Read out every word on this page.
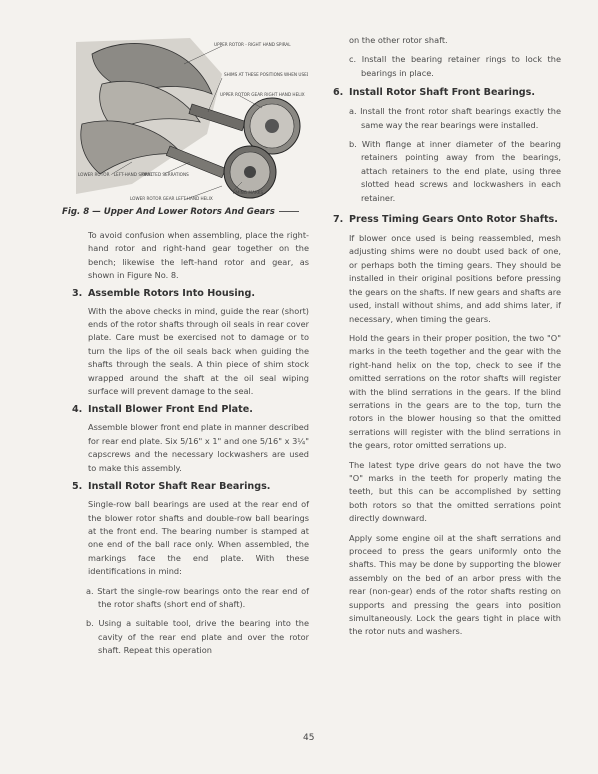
UPPER ROTOR - RIGHT HAND SPIRAL
SHIMS AT THESE POSITIONS WHEN USED
UPPER ROTOR GEAR RIGHT HAND HELIX
LOWER ROTOR - LEFT-HAND SPIRAL
OMITTED SERRATIONS
TIMING MARKS
LOWER ROTOR GEAR LEFT-HAND HELIX
Fig. 8 — Upper And Lower Rotors And Gears

To avoid confusion when assembling, place the right-hand rotor and right-hand gear together on the bench; likewise the left-hand rotor and gear, as shown in Figure No. 8.

3. Assemble Rotors Into Housing.

With the above checks in mind, guide the rear (short) ends of the rotor shafts through oil seals in rear cover plate. Care must be exercised not to damage or to turn the lips of the oil seals back when guiding the shafts through the seals. A thin piece of shim stock wrapped around the shaft at the oil seal wiping surface will prevent damage to the seal.

4. Install Blower Front End Plate.

Assemble blower front end plate in manner described for rear end plate. Six 5/16" x 1" and one 5/16" x 3¼" capscrews and the necessary lockwashers are used to make this assembly.

5. Install Rotor Shaft Rear Bearings.

Single-row ball bearings are used at the rear end of the blower rotor shafts and double-row ball bearings at the front end. The bearing number is stamped at one end of the ball race only. When assembled, the markings face the end plate. With these identifications in mind:

a. Start the single-row bearings onto the rear end of the rotor shafts (short end of shaft).

b. Using a suitable tool, drive the bearing into the cavity of the rear end plate and over the rotor shaft. Repeat this operation

on the other rotor shaft.

c. Install the bearing retainer rings to lock the bearings in place.

6. Install Rotor Shaft Front Bearings.

a. Install the front rotor shaft bearings exactly the same way the rear bearings were installed.

b. With flange at inner diameter of the bearing retainers pointing away from the bearings, attach retainers to the end plate, using three slotted head screws and lockwashers in each retainer.

7. Press Timing Gears Onto Rotor Shafts.

If blower once used is being reassembled, mesh adjusting shims were no doubt used back of one, or perhaps both the timing gears. They should be installed in their original positions before pressing the gears on the shafts. If new gears and shafts are used, install without shims, and add shims later, if necessary, when timing the gears.

Hold the gears in their proper position, the two "O" marks in the teeth together and the gear with the right-hand helix on the top, check to see if the omitted serrations on the rotor shafts will register with the blind serrations in the gears. If the blind serrations in the gears are to the top, turn the rotors in the blower housing so that the omitted serrations will register with the blind serrations in the gears, rotor omitted serrations up.

The latest type drive gears do not have the two "O" marks in the teeth for properly mating the teeth, but this can be accomplished by setting both rotors so that the omitted serrations point directly downward.

Apply some engine oil at the shaft serrations and proceed to press the gears uniformly onto the shafts. This may be done by supporting the blower assembly on the bed of an arbor press with the rear (non-gear) ends of the rotor shafts resting on supports and pressing the gears into position simultaneously. Lock the gears tight in place with the rotor nuts and washers.

45
